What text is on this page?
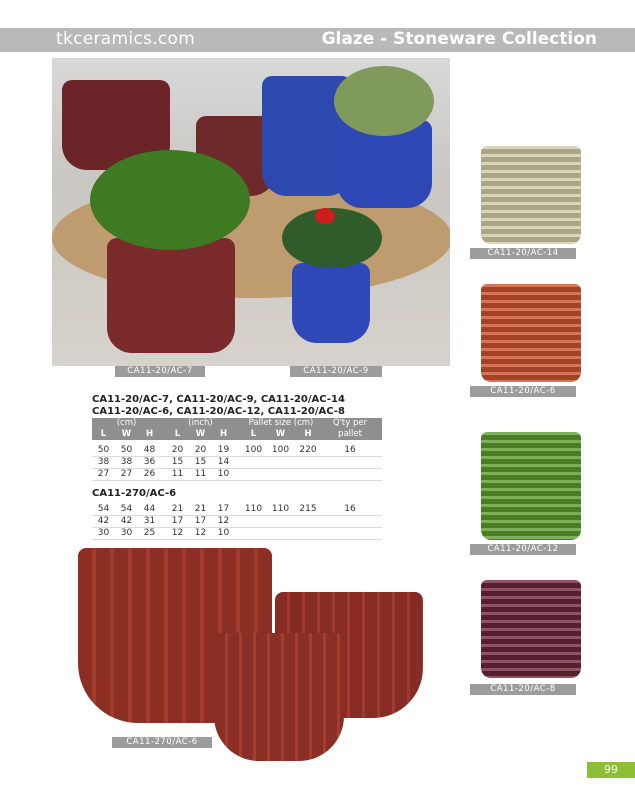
tkceramics.com	Glaze - Stoneware Collection
CA11-20/AC-7	CA11-20/AC-9
CA11-20/AC-14
CA11-20/AC-6
CA11-20/AC-12
CA11-20/AC-8
CA11-20/AC-7, CA11-20/AC-9, CA11-20/AC-14
CA11-20/AC-6, CA11-20/AC-12, CA11-20/AC-8
(cm)	(inch)	Pallet size (cm)	Q'ty per
L	W	H	L	W	H	L	W	H	pallet
50	50	48	20	20	19	100	100	220	16
38	38	36	15	15	14
27	27	26	11	11	10
CA11-270/AC-6
54	54	44	21	21	17	110	110	215	16
42	42	31	17	17	12
30	30	25	12	12	10
CA11-270/AC-6
99
